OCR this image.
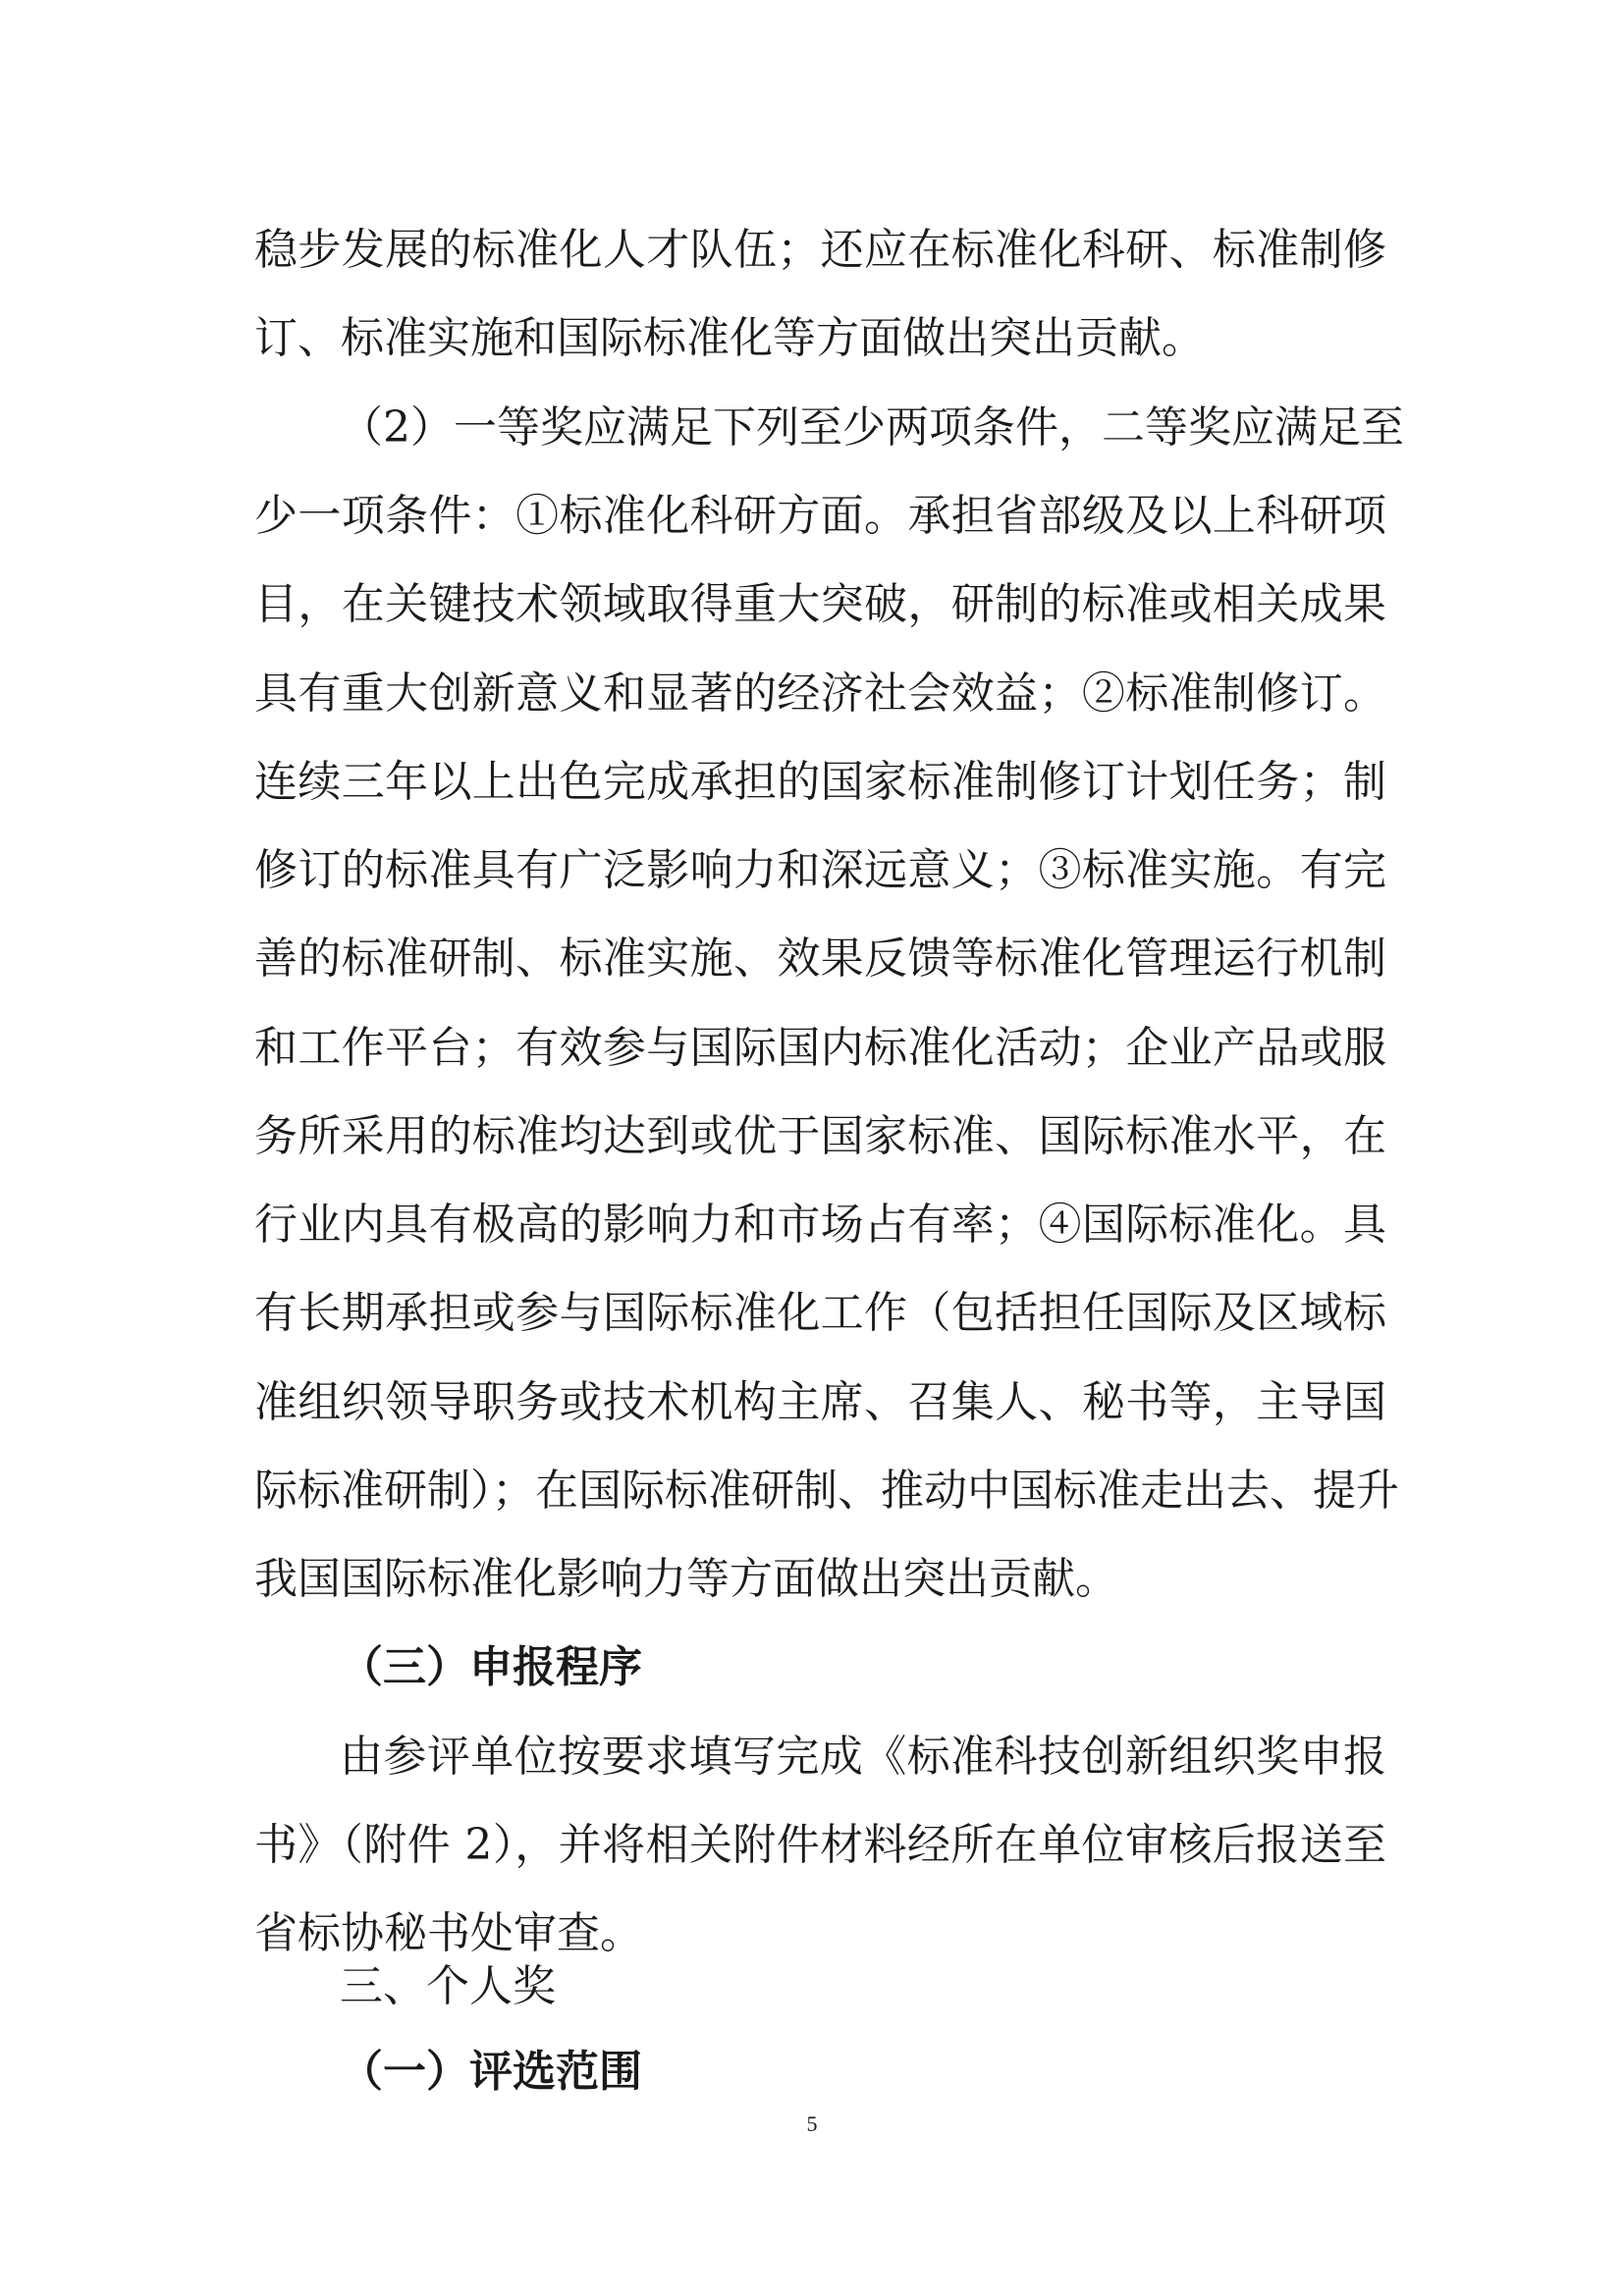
稳步发展的标准化人才队伍；还应在标准化科研、标准制修
订、标准实施和国际标准化等方面做出突出贡献。
（2）一等奖应满足下列至少两项条件，二等奖应满足至
少一项条件：①标准化科研方面。承担省部级及以上科研项
目，在关键技术领域取得重大突破，研制的标准或相关成果
具有重大创新意义和显著的经济社会效益；②标准制修订。
连续三年以上出色完成承担的国家标准制修订计划任务；制
修订的标准具有广泛影响力和深远意义；③标准实施。有完
善的标准研制、标准实施、效果反馈等标准化管理运行机制
和工作平台；有效参与国际国内标准化活动；企业产品或服
务所采用的标准均达到或优于国家标准、国际标准水平，在
行业内具有极高的影响力和市场占有率；④国际标准化。具
有长期承担或参与国际标准化工作（包括担任国际及区域标
准组织领导职务或技术机构主席、召集人、秘书等，主导国
际标准研制）；在国际标准研制、推动中国标准走出去、提升
我国国际标准化影响力等方面做出突出贡献。
（三）申报程序
由参评单位按要求填写完成《标准科技创新组织奖申报
书》（附件 2），并将相关附件材料经所在单位审核后报送至
省标协秘书处审查。
三、个人奖
（一）评选范围
5
